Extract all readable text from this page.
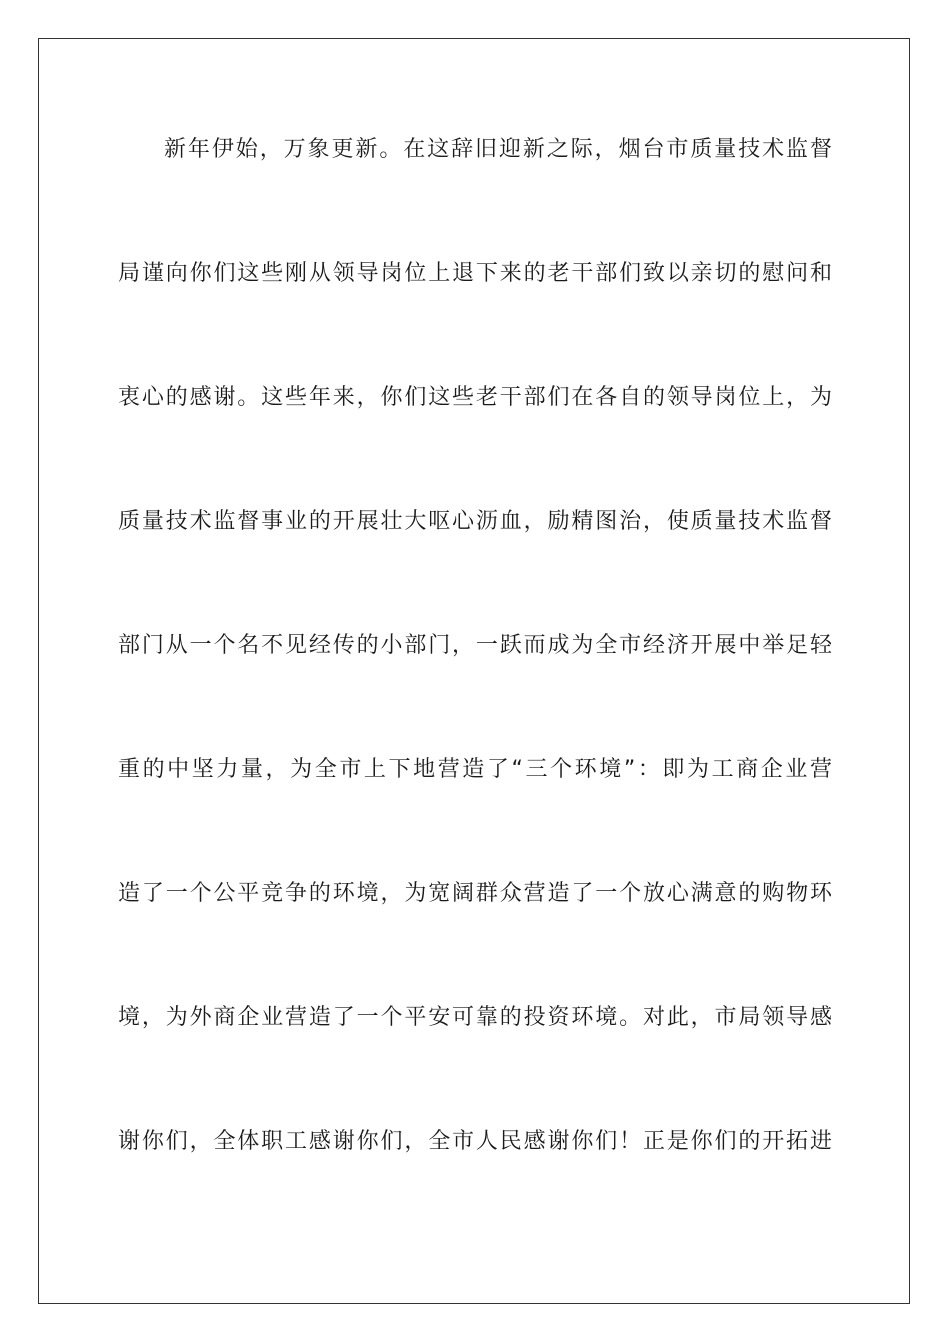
新年伊始，万象更新。在这辞旧迎新之际，烟台市质量技术监督
局谨向你们这些刚从领导岗位上退下来的老干部们致以亲切的慰问和
衷心的感谢。这些年来，你们这些老干部们在各自的领导岗位上，为
质量技术监督事业的开展壮大呕心沥血，励精图治，使质量技术监督
部门从一个名不见经传的小部门，一跃而成为全市经济开展中举足轻
重的中坚力量，为全市上下地营造了“三个环境”：即为工商企业营
造了一个公平竞争的环境，为宽阔群众营造了一个放心满意的购物环
境，为外商企业营造了一个平安可靠的投资环境。对此，市局领导感
谢你们，全体职工感谢你们，全市人民感谢你们！正是你们的开拓进
